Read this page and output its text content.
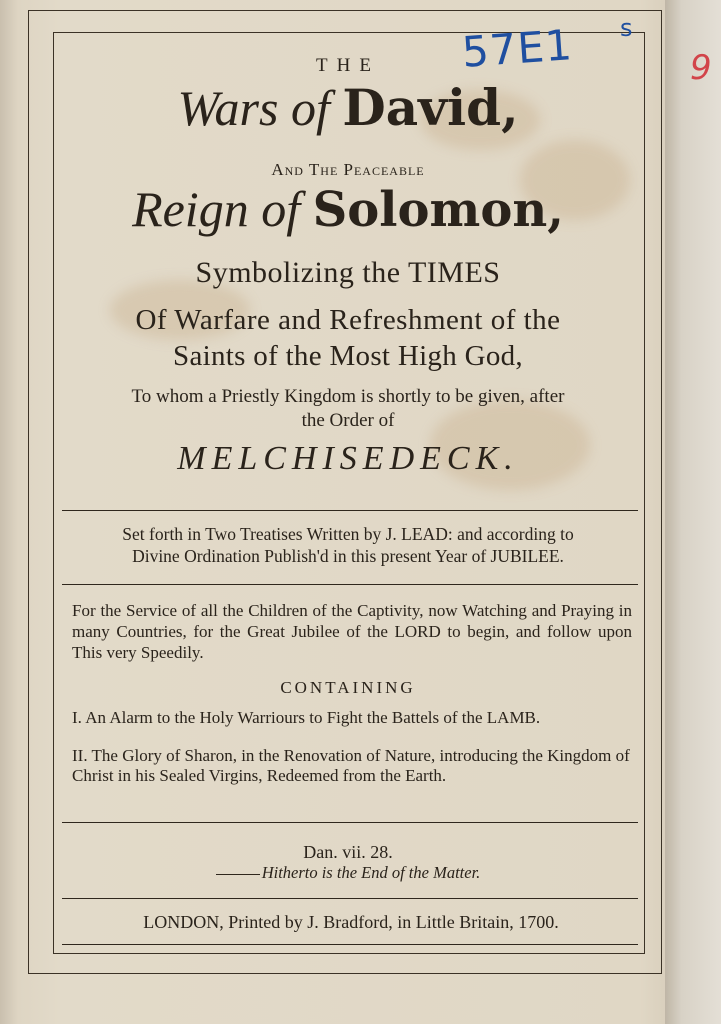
THE
Wars of David,
And The Peaceable
Reign of Solomon,
Symbolizing the TIMES
Of Warfare and Refreshment of the
Saints of the Most High God,
To whom a Priestly Kingdom is shortly to be given, after
the Order of
MELCHISEDECK.
Set forth in Two Treatises Written by J. LEAD: and according to
Divine Ordination Publish'd in this present Year of JUBILEE.
For the Service of all the Children of the Captivity, now Watching and Praying in many Countries, for the Great Jubilee of the LORD to begin, and follow upon This very Speedily.
CONTAINING
I. An Alarm to the Holy Warriours to Fight the Battels of the LAMB.
II. The Glory of Sharon, in the Renovation of Nature, introducing the Kingdom of Christ in his Sealed Virgins, Redeemed from the Earth.
Dan. vii. 28.
Hitherto is the End of the Matter.
LONDON, Printed by J. Bradford, in Little Britain, 1700.
57E1 s
9
